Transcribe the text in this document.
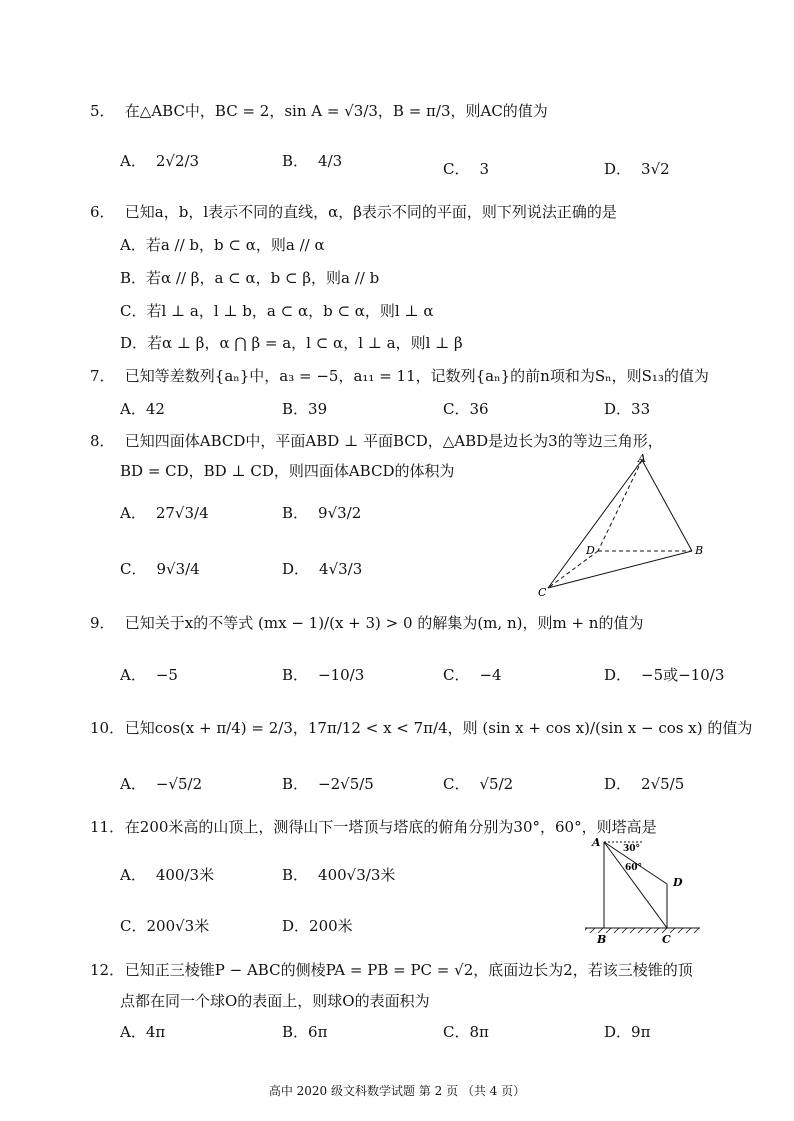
5． 在△ABC中，BC = 2，sin A = √3/3，B = π/3，则AC的值为
A． 2√2/3	B． 4/3	C． 3	D． 3√2
6． 已知a，b，l表示不同的直线，α，β表示不同的平面，则下列说法正确的是
A．若a // b，b ⊂ α，则a // α
B．若α // β，a ⊂ α，b ⊂ β，则a // b
C．若l ⊥ a，l ⊥ b，a ⊂ α，b ⊂ α，则l ⊥ α
D．若α ⊥ β，α ⋂ β = a，l ⊂ α，l ⊥ a，则l ⊥ β
7． 已知等差数列{aₙ}中，a₃ = −5，a₁₁ = 11，记数列{aₙ}的前n项和为Sₙ，则S₁₃的值为
A．42	B．39	C．36	D．33
8． 已知四面体ABCD中，平面ABD ⊥ 平面BCD，△ABD是边长为3的等边三角形，
BD = CD，BD ⊥ CD，则四面体ABCD的体积为
A． 27√3/4	B． 9√3/2
C． 9√3/4	D． 4√3/3
A
B
C
D
9． 已知关于x的不等式 (mx − 1)/(x + 3) > 0 的解集为(m, n)，则m + n的值为
A． −5	B． −10/3	C． −4	D． −5或−10/3
10． 已知cos(x + π/4) = 2/3，17π/12 < x < 7π/4，则 (sin x + cos x)/(sin x − cos x) 的值为
A． −√5/2	B． −2√5/5	C． √5/2	D． 2√5/5
11． 在200米高的山顶上，测得山下一塔顶与塔底的俯角分别为30°，60°，则塔高是
A． 400/3米	B． 400√3/3米
C．200√3米	D．200米
A
B	C
D
30°
60°
12． 已知正三棱锥P − ABC的侧棱PA = PB = PC = √2，底面边长为2，若该三棱锥的顶
点都在同一个球O的表面上，则球O的表面积为
A．4π	B．6π	C．8π	D．9π
高中 2020 级文科数学试题 第 2 页 （共 4 页）
